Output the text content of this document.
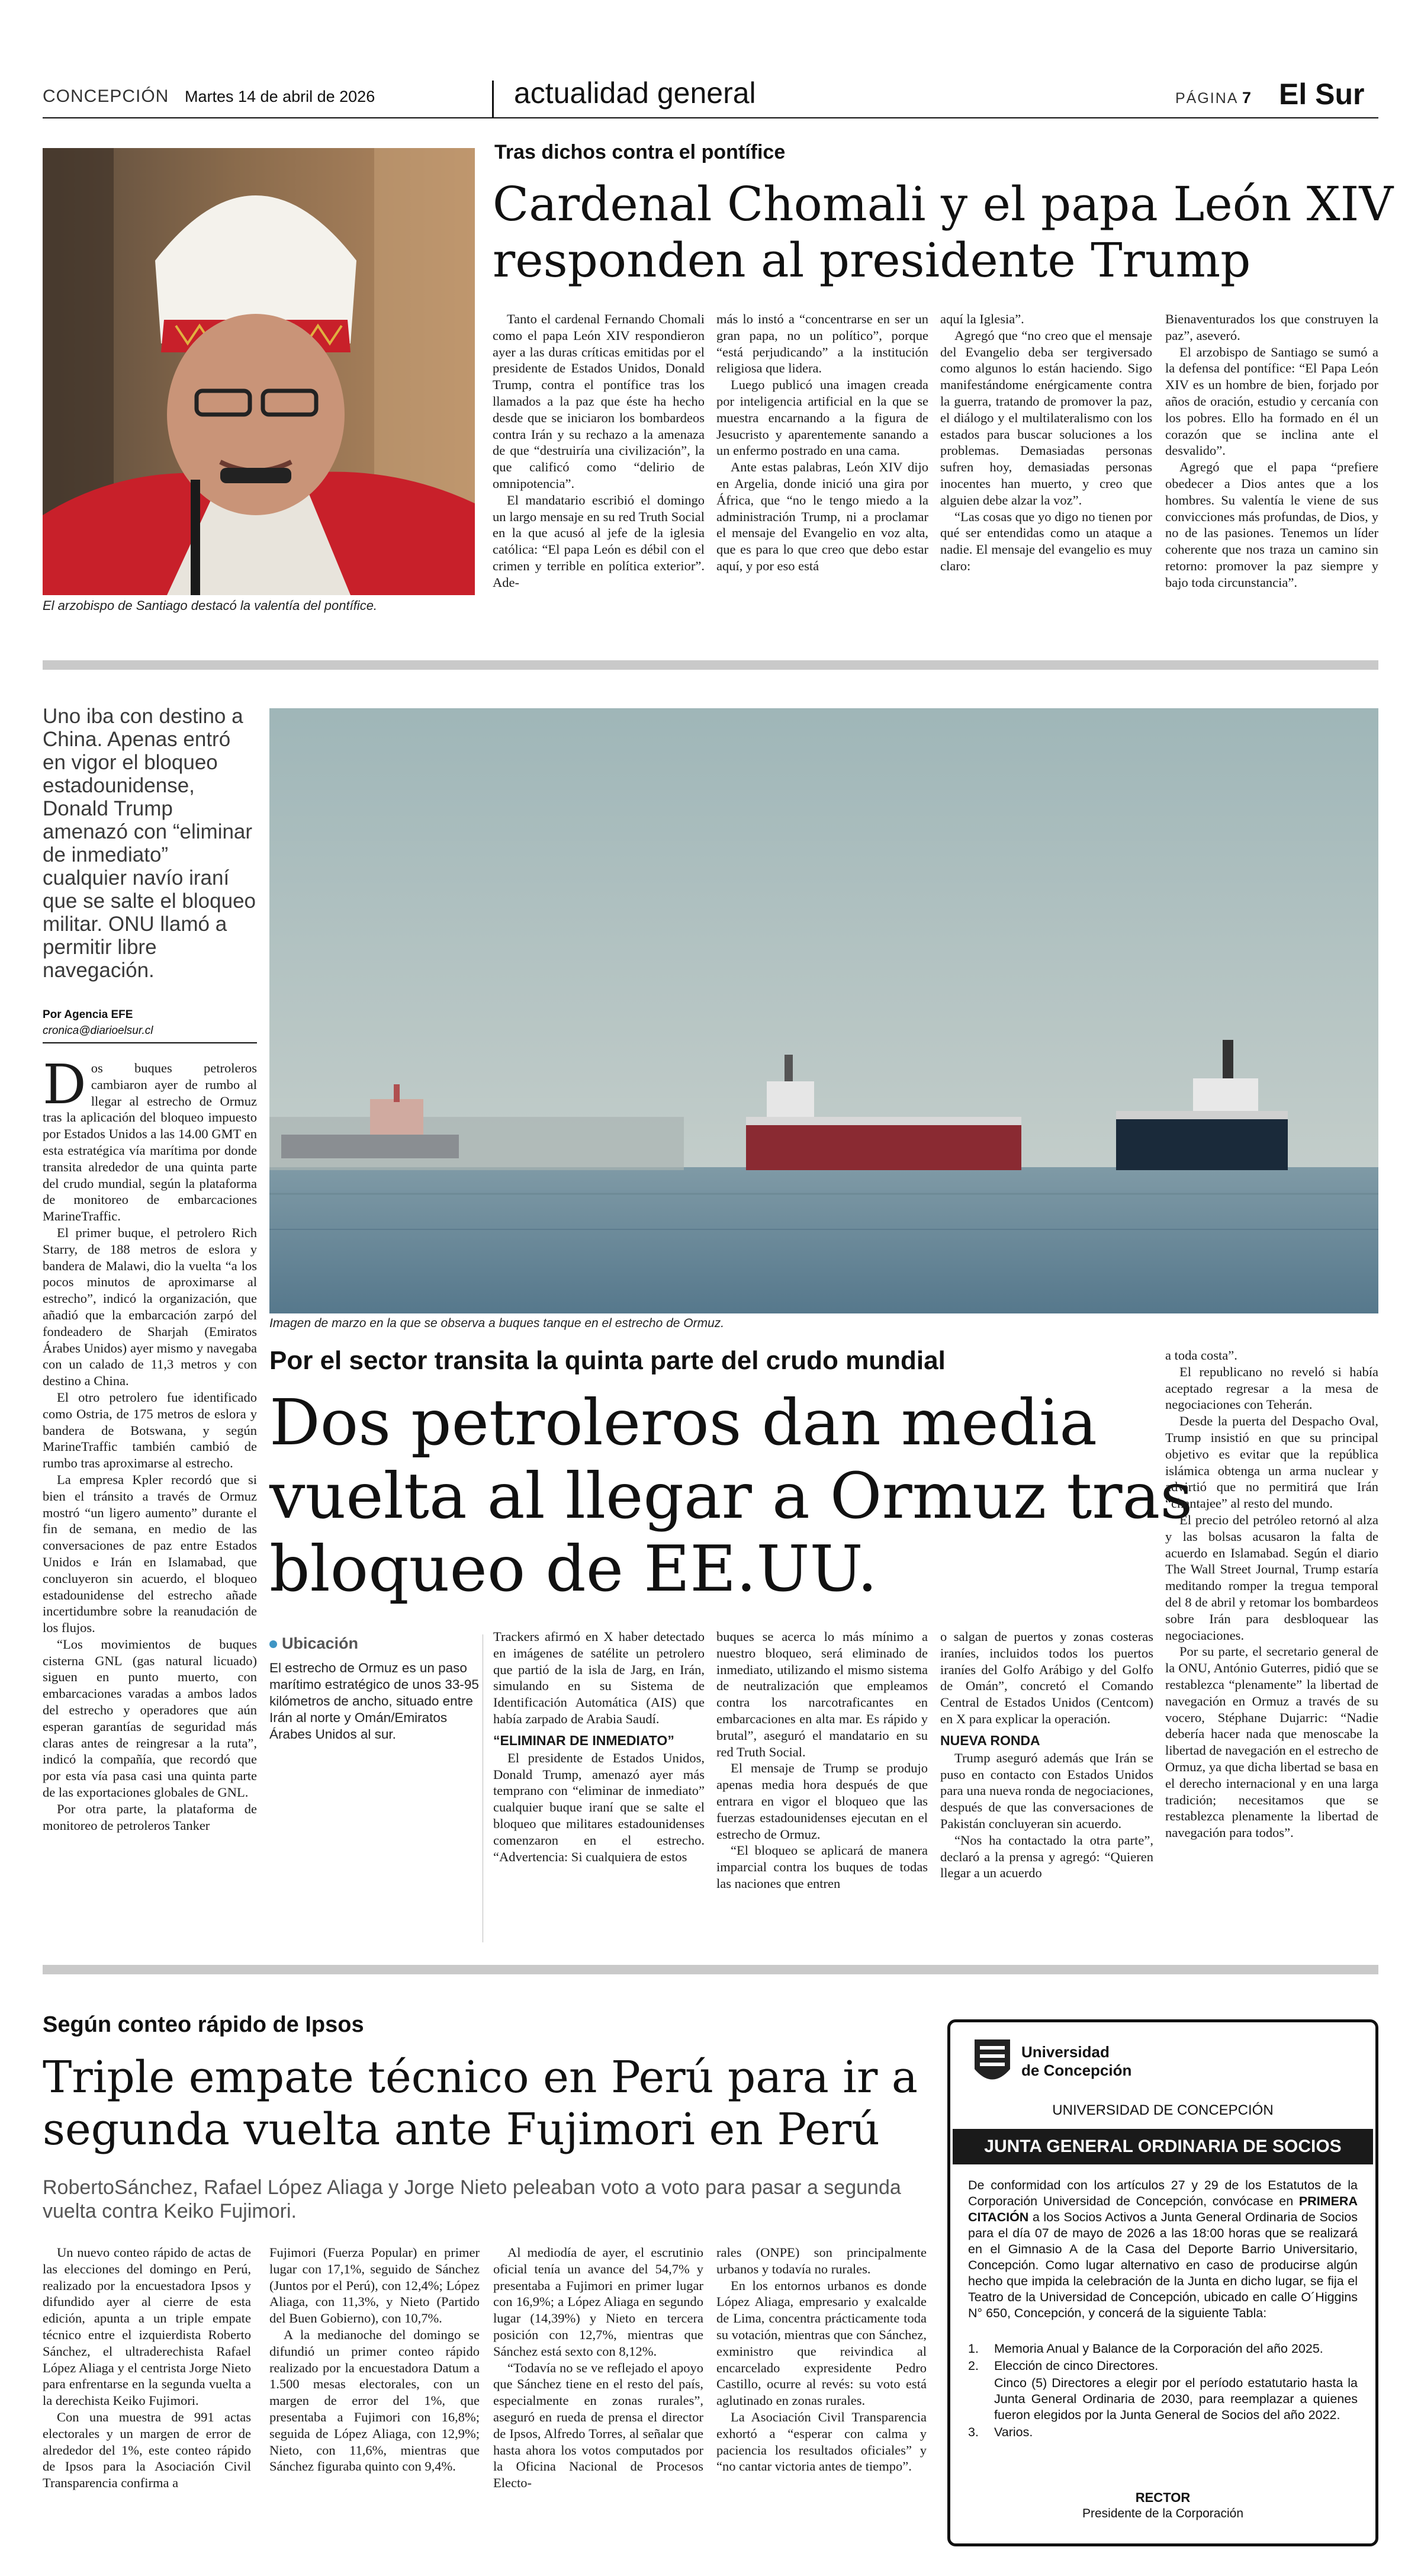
CONCEPCIÓN Martes 14 de abril de 2026	actualidad general	PÁGINA 7 El Sur
El arzobispo de Santiago destacó la valentía del pontífice.
Tras dichos contra el pontífice
Cardenal Chomali y el papa León XIV
responden al presidente Trump

Tanto el cardenal Fernando Chomali como el papa León XIV respondieron ayer a las duras críticas emitidas por el presidente de Estados Unidos, Donald Trump, contra el pontífice tras los llamados a la paz que éste ha hecho desde que se iniciaron los bombardeos contra Irán y su rechazo a la amenaza de que “destruiría una civilización”, la que calificó como “delirio de omnipotencia”.

El mandatario escribió el domingo un largo mensaje en su red Truth Social en la que acusó al jefe de la iglesia católica: “El papa León es débil con el crimen y terrible en política exterior”. Ade-

más lo instó a “concentrarse en ser un gran papa, no un político”, porque “está perjudicando” a la institución religiosa que lidera.

Luego publicó una imagen creada por inteligencia artificial en la que se muestra encarnando a la figura de Jesucristo y aparentemente sanando a un enfermo postrado en una cama.

Ante estas palabras, León XIV dijo en Argelia, donde inició una gira por África, que “no le tengo miedo a la administración Trump, ni a proclamar el mensaje del Evangelio en voz alta, que es para lo que creo que debo estar aquí, y por eso está

aquí la Iglesia”.

Agregó que “no creo que el mensaje del Evangelio deba ser tergiversado como algunos lo están haciendo. Sigo manifestándome enérgicamente contra la guerra, tratando de promover la paz, el diálogo y el multilateralismo con los estados para buscar soluciones a los problemas. Demasiadas personas sufren hoy, demasiadas personas inocentes han muerto, y creo que alguien debe alzar la voz”.

“Las cosas que yo digo no tienen por qué ser entendidas como un ataque a nadie. El mensaje del evangelio es muy claro:

Bienaventurados los que construyen la paz”, aseveró.

El arzobispo de Santiago se sumó a la defensa del pontífice: “El Papa León XIV es un hombre de bien, forjado por años de oración, estudio y cercanía con los pobres. Ello ha formado en él un corazón que se inclina ante el desvalido”.

Agregó que el papa “prefiere obedecer a Dios antes que a los hombres. Su valentía le viene de sus convicciones más profundas, de Dios, y no de las pasiones. Tenemos un líder coherente que nos traza un camino sin retorno: promover la paz siempre y bajo toda circunstancia”.

Uno iba con destino a China. Apenas entró en vigor el bloqueo estadounidense, Donald Trump amenazó con “eliminar de inmediato” cualquier navío iraní que se salte el bloqueo militar. ONU llamó a permitir libre navegación.
Por Agencia EFE
cronica@diarioelsur.cl

Dos buques petroleros cambiaron ayer de rumbo al llegar al estrecho de Ormuz tras la aplicación del bloqueo impuesto por Estados Unidos a las 14.00 GMT en esta estratégica vía marítima por donde transita alrededor de una quinta parte del crudo mundial, según la plataforma de monitoreo de embarcaciones MarineTraffic.

El primer buque, el petrolero Rich Starry, de 188 metros de eslora y bandera de Malawi, dio la vuelta “a los pocos minutos de aproximarse al estrecho”, indicó la organización, que añadió que la embarcación zarpó del fondeadero de Sharjah (Emiratos Árabes Unidos) ayer mismo y navegaba con un calado de 11,3 metros y con destino a China.

El otro petrolero fue identificado como Ostria, de 175 metros de eslora y bandera de Botswana, y según MarineTraffic también cambió de rumbo tras aproximarse al estrecho.

La empresa Kpler recordó que si bien el tránsito a través de Ormuz mostró “un ligero aumento” durante el fin de semana, en medio de las conversaciones de paz entre Estados Unidos e Irán en Islamabad, que concluyeron sin acuerdo, el bloqueo estadounidense del estrecho añade incertidumbre sobre la reanudación de los flujos.

“Los movimientos de buques cisterna GNL (gas natural licuado) siguen en punto muerto, con embarcaciones varadas a ambos lados del estrecho y operadores que aún esperan garantías de seguridad más claras antes de reingresar a la ruta”, indicó la compañía, que recordó que por esta vía pasa casi una quinta parte de las exportaciones globales de GNL.

Por otra parte, la plataforma de monitoreo de petroleros Tanker

Imagen de marzo en la que se observa a buques tanque en el estrecho de Ormuz.
Por el sector transita la quinta parte del crudo mundial
Dos petroleros dan media
vuelta al llegar a Ormuz tras
bloqueo de EE.UU.
Ubicación
El estrecho de Ormuz es un paso marítimo estratégico de unos 33-95 kilómetros de ancho, situado entre Irán al norte y Omán/Emiratos Árabes Unidos al sur.

Trackers afirmó en X haber detectado en imágenes de satélite un petrolero que partió de la isla de Jarg, en Irán, simulando en su Sistema de Identificación Automática (AIS) que había zarpado de Arabia Saudí.

“ELIMINAR DE INMEDIATO”

El presidente de Estados Unidos, Donald Trump, amenazó ayer más temprano con “eliminar de inmediato” cualquier buque iraní que se salte el bloqueo que militares estadounidenses comenzaron en el estrecho. “Advertencia: Si cualquiera de estos

buques se acerca lo más mínimo a nuestro bloqueo, será eliminado de inmediato, utilizando el mismo sistema de neutralización que empleamos contra los narcotraficantes en embarcaciones en alta mar. Es rápido y brutal”, aseguró el mandatario en su red Truth Social.

El mensaje de Trump se produjo apenas media hora después de que entrara en vigor el bloqueo que las fuerzas estadounidenses ejecutan en el estrecho de Ormuz.

“El bloqueo se aplicará de manera imparcial contra los buques de todas las naciones que entren

o salgan de puertos y zonas costeras iraníes, incluidos todos los puertos iraníes del Golfo Arábigo y del Golfo de Omán”, concretó el Comando Central de Estados Unidos (Centcom) en X para explicar la operación.

NUEVA RONDA

Trump aseguró además que Irán se puso en contacto con Estados Unidos para una nueva ronda de negociaciones, después de que las conversaciones de Pakistán concluyeran sin acuerdo.

“Nos ha contactado la otra parte”, declaró a la prensa y agregó: “Quieren llegar a un acuerdo

a toda costa”.

El republicano no reveló si había aceptado regresar a la mesa de negociaciones con Teherán.

Desde la puerta del Despacho Oval, Trump insistió en que su principal objetivo es evitar que la república islámica obtenga un arma nuclear y advirtió que no permitirá que Irán “chantajee” al resto del mundo.

El precio del petróleo retornó al alza y las bolsas acusaron la falta de acuerdo en Islamabad. Según el diario The Wall Street Journal, Trump estaría meditando romper la tregua temporal del 8 de abril y retomar los bombardeos sobre Irán para desbloquear las negociaciones.

Por su parte, el secretario general de la ONU, António Guterres, pidió que se restablezca “plenamente” la libertad de navegación en Ormuz a través de su vocero, Stéphane Dujarric: “Nadie debería hacer nada que menoscabe la libertad de navegación en el estrecho de Ormuz, ya que dicha libertad se basa en el derecho internacional y en una larga tradición; necesitamos que se restablezca plenamente la libertad de navegación para todos”.

Según conteo rápido de Ipsos
Triple empate técnico en Perú para ir a
segunda vuelta ante Fujimori en Perú
RobertoSánchez, Rafael López Aliaga y Jorge Nieto peleaban voto a voto para pasar a segunda vuelta contra Keiko Fujimori.

Un nuevo conteo rápido de actas de las elecciones del domingo en Perú, realizado por la encuestadora Ipsos y difundido ayer al cierre de esta edición, apunta a un triple empate técnico entre el izquierdista Roberto Sánchez, el ultraderechista Rafael López Aliaga y el centrista Jorge Nieto para enfrentarse en la segunda vuelta a la derechista Keiko Fujimori.

Con una muestra de 991 actas electorales y un margen de error de alrededor del 1%, este conteo rápido de Ipsos para la Asociación Civil Transparencia confirma a

Fujimori (Fuerza Popular) en primer lugar con 17,1%, seguido de Sánchez (Juntos por el Perú), con 12,4%; López Aliaga, con 11,3%, y Nieto (Partido del Buen Gobierno), con 10,7%.

A la medianoche del domingo se difundió un primer conteo rápido realizado por la encuestadora Datum a 1.500 mesas electorales, con un margen de error del 1%, que presentaba a Fujimori con 16,8%; seguida de López Aliaga, con 12,9%; Nieto, con 11,6%, mientras que Sánchez figuraba quinto con 9,4%.

Al mediodía de ayer, el escrutinio oficial tenía un avance del 54,7% y presentaba a Fujimori en primer lugar con 16,9%; a López Aliaga en segundo lugar (14,39%) y Nieto en tercera posición con 12,7%, mientras que Sánchez está sexto con 8,12%.

“Todavía no se ve reflejado el apoyo que Sánchez tiene en el resto del país, especialmente en zonas rurales”, aseguró en rueda de prensa el director de Ipsos, Alfredo Torres, al señalar que hasta ahora los votos computados por la Oficina Nacional de Procesos Electo-

rales (ONPE) son principalmente urbanos y todavía no rurales.

En los entornos urbanos es donde López Aliaga, empresario y exalcalde de Lima, concentra prácticamente toda su votación, mientras que con Sánchez, exministro que reivindica al encarcelado expresidente Pedro Castillo, ocurre al revés: su voto está aglutinado en zonas rurales.

La Asociación Civil Transparencia exhortó a “esperar con calma y paciencia los resultados oficiales” y “no cantar victoria antes de tiempo”.

Universidad
de Concepción
UNIVERSIDAD DE CONCEPCIÓN
JUNTA GENERAL ORDINARIA DE SOCIOS
De conformidad con los artículos 27 y 29 de los Estatutos de la Corporación Universidad de Concepción, convócase en PRIMERA CITACIÓN a los Socios Activos a Junta General Ordinaria de Socios para el día 07 de mayo de 2026 a las 18:00 horas que se realizará en el Gimnasio A de la Casa del Deporte Barrio Universitario, Concepción. Como lugar alternativo en caso de producirse algún hecho que impida la celebración de la Junta en dicho lugar, se fija el Teatro de la Universidad de Concepción, ubicado en calle O´Higgins N° 650, Concepción, y concerá de la siguiente Tabla:
1.	Memoria Anual y Balance de la Corporación del año 2025.
2.	Elección de cinco Directores.
Cinco (5) Directores a elegir por el período estatutario hasta la Junta General Ordinaria de 2030, para reemplazar a quienes fueron elegidos por la Junta General de Socios del año 2022.
3.	Varios.
RECTOR
Presidente de la Corporación
